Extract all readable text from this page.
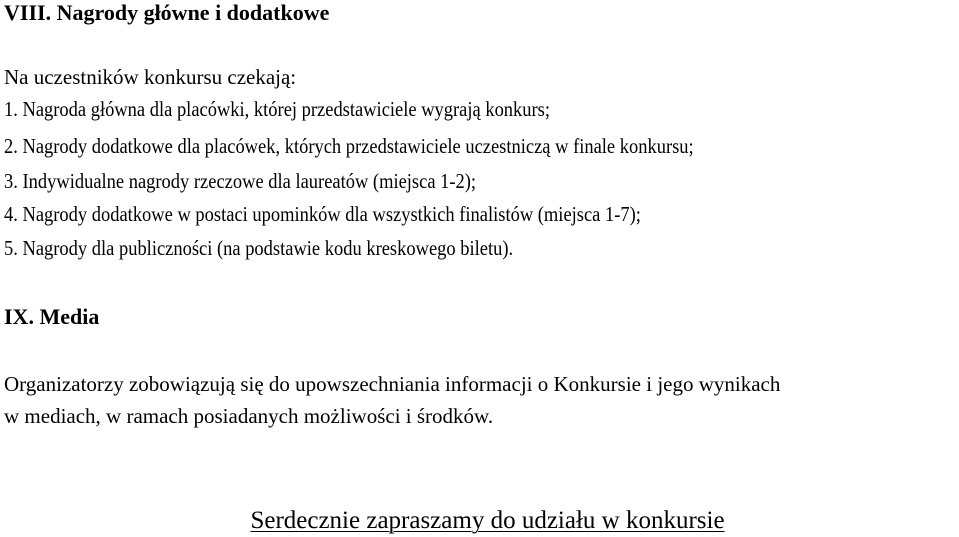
VIII. Nagrody główne i dodatkowe
Na uczestników konkursu czekają:
1. Nagroda główna dla placówki, której przedstawiciele wygrają konkurs;
2. Nagrody dodatkowe dla placówek, których przedstawiciele uczestniczą w finale konkursu;
3. Indywidualne nagrody rzeczowe dla laureatów (miejsca 1-2);
4. Nagrody dodatkowe w postaci upominków dla wszystkich finalistów (miejsca 1-7);
5. Nagrody dla publiczności (na podstawie kodu kreskowego biletu).
IX. Media
Organizatorzy zobowiązują się do upowszechniania informacji o Konkursie i jego wynikach
w mediach, w ramach posiadanych możliwości i środków.
Serdecznie zapraszamy do udziału w konkursie
